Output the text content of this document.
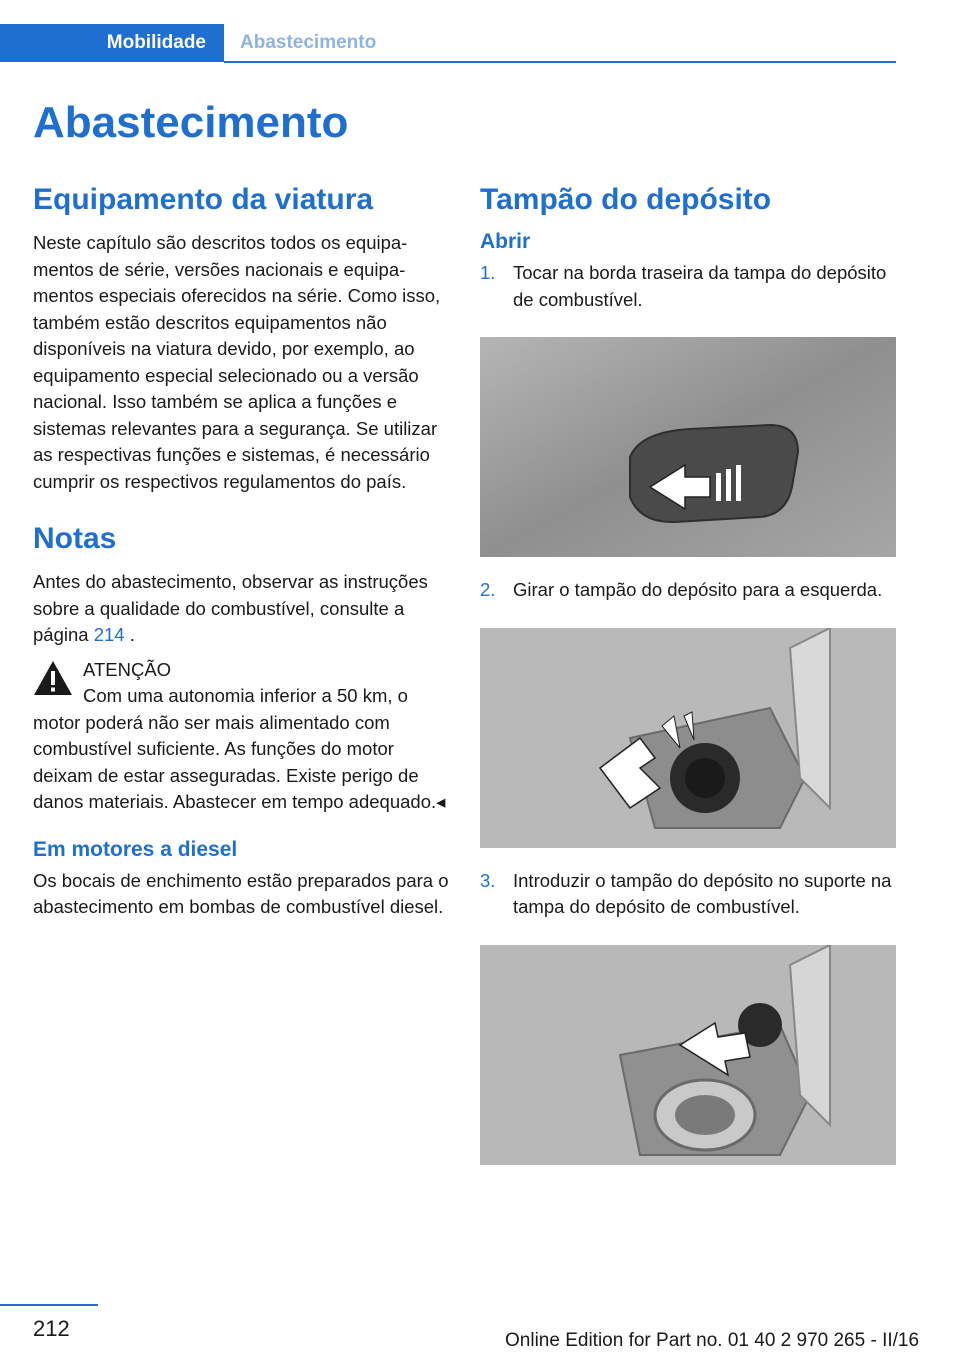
Mobilidade	Abastecimento
Abastecimento
Equipamento da viatura

Neste capítulo são descritos todos os equipamentos de série, versões nacionais e equipamentos especiais oferecidos na série. Como isso, também estão descritos equipamentos não disponíveis na viatura devido, por exemplo, ao equipamento especial selecionado ou a versão nacional. Isso também se aplica a funções e sistemas relevantes para a segurança. Se utilizar as respectivas funções e sistemas, é necessário cumprir os respectivos regulamentos do país.

Notas

Antes do abastecimento, observar as instruções sobre a qualidade do combustível, consulte a página 214 .

ATENÇÃO

Com uma autonomia inferior a 50 km, o

motor poderá não ser mais alimentado com combustível suficiente. As funções do motor deixam de estar asseguradas. Existe perigo de danos materiais. Abastecer em tempo adequado.◂

Em motores a diesel

Os bocais de enchimento estão preparados para o abastecimento em bombas de combustível diesel.

Tampão do depósito
Abrir
1. Tocar na borda traseira da tampa do depósito de combustível.
2. Girar o tampão do depósito para a esquerda.
3. Introduzir o tampão do depósito no suporte na tampa do depósito de combustível.
212	Online Edition for Part no. 01 40 2 970 265 - II/16
